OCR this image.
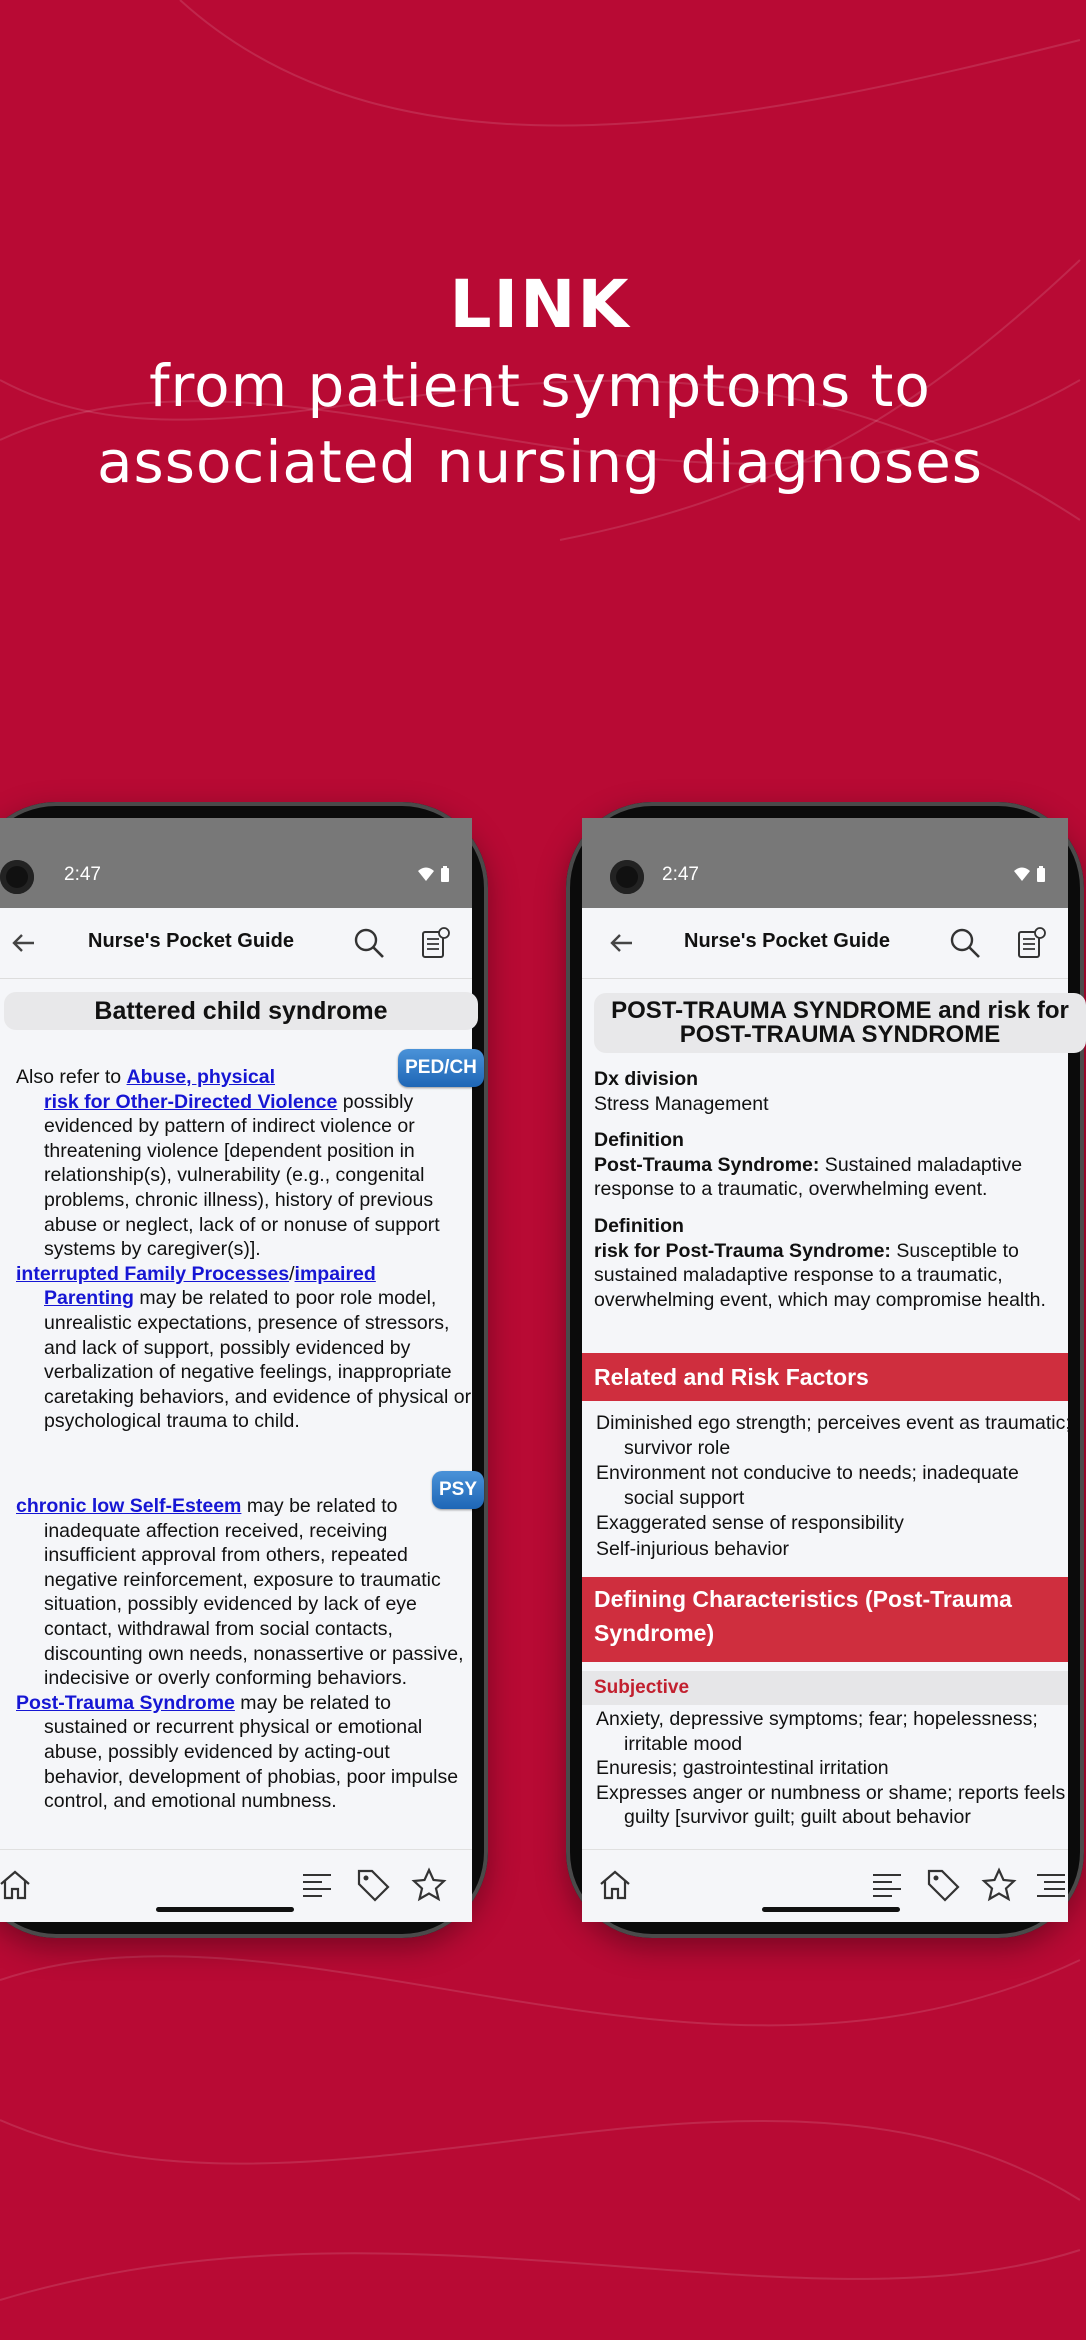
LINK
from patient symptoms to
associated nursing diagnoses
2:47
Nurse's Pocket Guide
Battered child syndrome
PED/CH
Also refer to Abuse, physical
risk for Other-Directed Violence possibly evidenced by pattern of indirect violence or threatening violence [dependent position in relationship(s), vulnerability (e.g., congenital problems, chronic illness), history of previous abuse or neglect, lack of or nonuse of support systems by caregiver(s)].
interrupted Family Processes/impaired
Parenting may be related to poor role model, unrealistic expectations, presence of stressors, and lack of support, possibly evidenced by verbalization of negative feelings, inappropriate caretaking behaviors, and evidence of physical or psychological trauma to child.
PSY
chronic low Self-Esteem may be related to inadequate affection received, receiving insufficient approval from others, repeated negative reinforcement, exposure to traumatic situation, possibly evidenced by lack of eye contact, withdrawal from social contacts, discounting own needs, nonassertive or passive, indecisive or overly conforming behaviors.
Post-Trauma Syndrome may be related to sustained or recurrent physical or emotional abuse, possibly evidenced by acting-out behavior, development of phobias, poor impulse control, and emotional numbness.
2:47
Nurse's Pocket Guide
POST-TRAUMA SYNDROME and risk for POST-TRAUMA SYNDROME
Dx division
Stress Management
Definition
Post-Trauma Syndrome: Sustained maladaptive response to a traumatic, overwhelming event.
Definition
risk for Post-Trauma Syndrome: Susceptible to sustained maladaptive response to a traumatic, overwhelming event, which may compromise health.
Related and Risk Factors
Diminished ego strength; perceives event as traumatic; survivor role
Environment not conducive to needs; inadequate social support
Exaggerated sense of responsibility
Self-injurious behavior
Defining Characteristics (Post-Trauma Syndrome)
Subjective
Anxiety, depressive symptoms; fear; hopelessness; irritable mood
Enuresis; gastrointestinal irritation
Expresses anger or numbness or shame; reports feels guilty [survivor guilt; guilt about behavior
